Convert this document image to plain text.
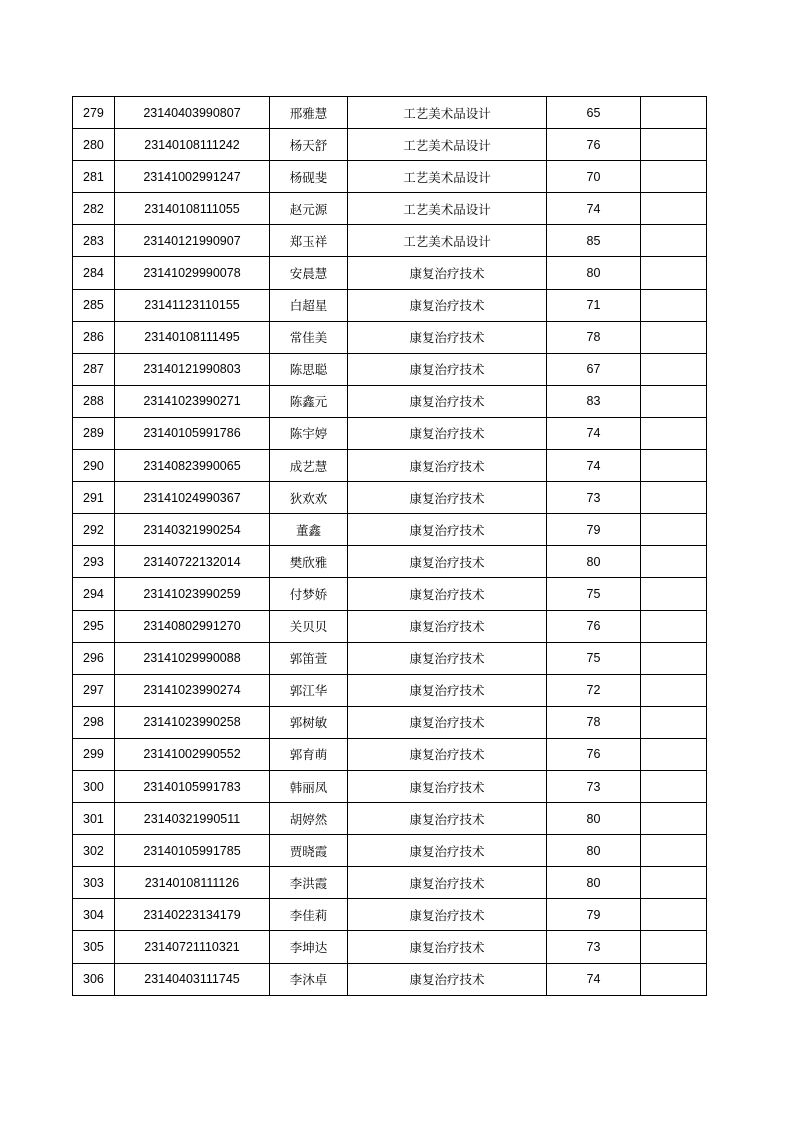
279	23140403990807	邢雅慧	工艺美术品设计	65	
280	23140108111242	杨天舒	工艺美术品设计	76	
281	23141002991247	杨砚斐	工艺美术品设计	70	
282	23140108111055	赵元源	工艺美术品设计	74	
283	23140121990907	郑玉祥	工艺美术品设计	85	
284	23141029990078	安晨慧	康复治疗技术	80	
285	23141123110155	白超星	康复治疗技术	71	
286	23140108111495	常佳美	康复治疗技术	78	
287	23140121990803	陈思聪	康复治疗技术	67	
288	23141023990271	陈鑫元	康复治疗技术	83	
289	23140105991786	陈宇婷	康复治疗技术	74	
290	23140823990065	成艺慧	康复治疗技术	74	
291	23141024990367	狄欢欢	康复治疗技术	73	
292	23140321990254	董鑫	康复治疗技术	79	
293	23140722132014	樊欣雅	康复治疗技术	80	
294	23141023990259	付梦娇	康复治疗技术	75	
295	23140802991270	关贝贝	康复治疗技术	76	
296	23141029990088	郭笛萱	康复治疗技术	75	
297	23141023990274	郭江华	康复治疗技术	72	
298	23141023990258	郭树敏	康复治疗技术	78	
299	23141002990552	郭育萌	康复治疗技术	76	
300	23140105991783	韩丽凤	康复治疗技术	73	
301	23140321990511	胡婷然	康复治疗技术	80	
302	23140105991785	贾晓霞	康复治疗技术	80	
303	23140108111126	李洪霞	康复治疗技术	80	
304	23140223134179	李佳莉	康复治疗技术	79	
305	23140721110321	李坤达	康复治疗技术	73	
306	23140403111745	李沐卓	康复治疗技术	74	
